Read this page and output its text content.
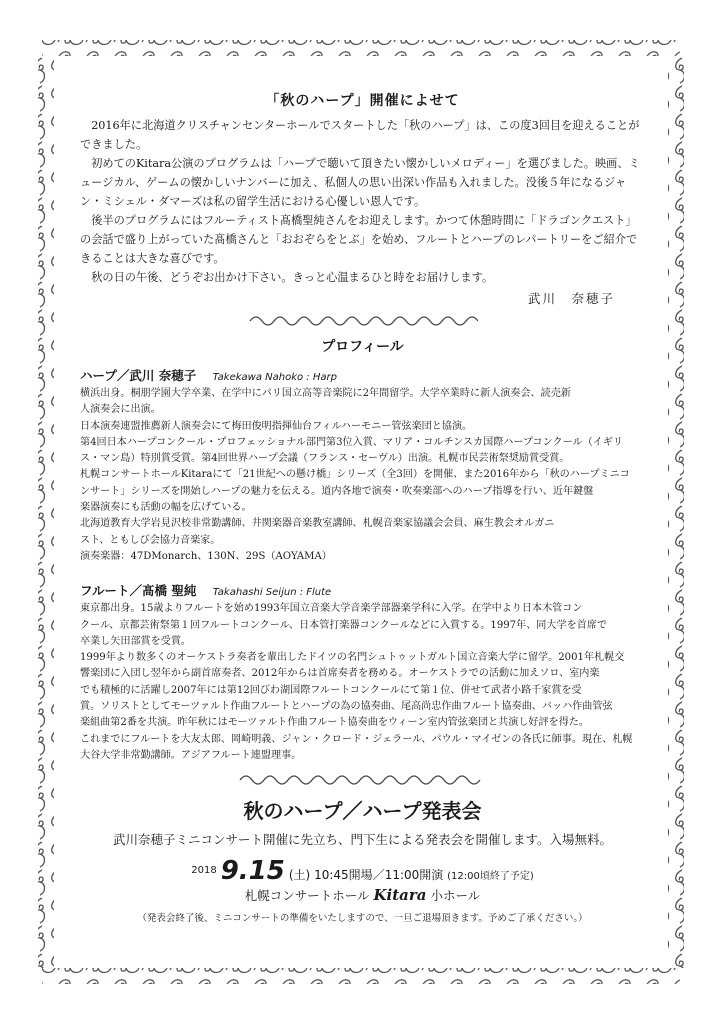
「秋のハープ」開催によせて

2016年に北海道クリスチャンセンターホールでスタートした「秋のハープ」は、この度3回目を迎えることができました。

初めてのKitara公演のプログラムは「ハープで聴いて頂きたい懐かしいメロディー」を選びました。映画、ミュージカル、ゲームの懐かしいナンバーに加え、私個人の思い出深い作品も入れました。没後５年になるジャン・ミシェル・ダマーズは私の留学生活における心優しい恩人です。

後半のプログラムにはフルーティスト髙橋聖純さんをお迎えします。かつて休憩時間に「ドラゴンクエスト」の会話で盛り上がっていた髙橋さんと「おおぞらをとぶ」を始め、フルートとハープのレパートリーをご紹介できることは大きな喜びです。

秋の日の午後、どうぞお出かけ下さい。きっと心温まるひと時をお届けします。

武川　奈穂子
プロフィール
ハープ／武川 奈穂子 Takekawa Nahoko : Harp

横浜出身。桐朋学園大学卒業、在学中にパリ国立高等音楽院に2年間留学。大学卒業時に新人演奏会、読売新

人演奏会に出演。

日本演奏連盟推薦新人演奏会にて梅田俊明指揮仙台フィルハーモニー管弦楽団と協演。

第4回日本ハープコンクール・プロフェッショナル部門第3位入賞、マリア・コルチンスカ国際ハープコンクール（イギリ

ス・マン島）特別賞受賞。第4回世界ハープ会議（フランス・セーヴル）出演。札幌市民芸術祭奨励賞受賞。

札幌コンサートホールKitaraにて「21世紀への懸け橋」シリーズ（全3回）を開催、また2016年から「秋のハープミニコ

ンサート」シリーズを開始しハープの魅力を伝える。道内各地で演奏・吹奏楽部へのハープ指導を行い、近年鍵盤

楽器演奏にも活動の幅を広げている。

北海道教育大学岩見沢校非常勤講師、井関楽器音楽教室講師、札幌音楽家協議会会員、麻生教会オルガニ

スト、ともしび会協力音楽家。

演奏楽器：47DMonarch、130N、29S（AOYAMA）

フルート／髙橋 聖純 Takahashi Seijun : Flute

東京都出身。15歳よりフルートを始め1993年国立音楽大学音楽学部器楽学科に入学。在学中より日本木管コン

クール、京都芸術祭第１回フルートコンクール、日本管打楽器コンクールなどに入賞する。1997年、同大学を首席で

卒業し矢田部賞を受賞。

1999年より数多くのオーケストラ奏者を輩出したドイツの名門シュトゥットガルト国立音楽大学に留学。2001年札幌交

響楽団に入団し翌年から副首席奏者、2012年からは首席奏者を務める。オーケストラでの活動に加えソロ、室内楽

でも積極的に活躍し2007年には第12回びわ湖国際フルートコンクールにて第１位、併せて武者小路千家賞を受

賞。ソリストとしてモーツァルト作曲フルートとハープの為の協奏曲、尾高尚忠作曲フルート協奏曲、バッハ作曲管弦

楽組曲第2番を共演。昨年秋にはモーツァルト作曲フルート協奏曲をウィーン室内管弦楽団と共演し好評を得た。

これまでにフルートを大友太郎、岡崎明義、ジャン・クロード・ジェラール、パウル・マイゼンの各氏に師事。現在、札幌

大谷大学非常勤講師。アジアフルート連盟理事。

秋のハープ／ハープ発表会
武川奈穂子ミニコンサート開催に先立ち、門下生による発表会を開催します。入場無料。
$^{2018}$ 9.15 (土) 10:45開場／11:00開演 (12:00頃終了予定)
札幌コンサートホール Kitara 小ホール
（発表会終了後、ミニコンサートの準備をいたしますので、一旦ご退場頂きます。予めご了承ください。）
